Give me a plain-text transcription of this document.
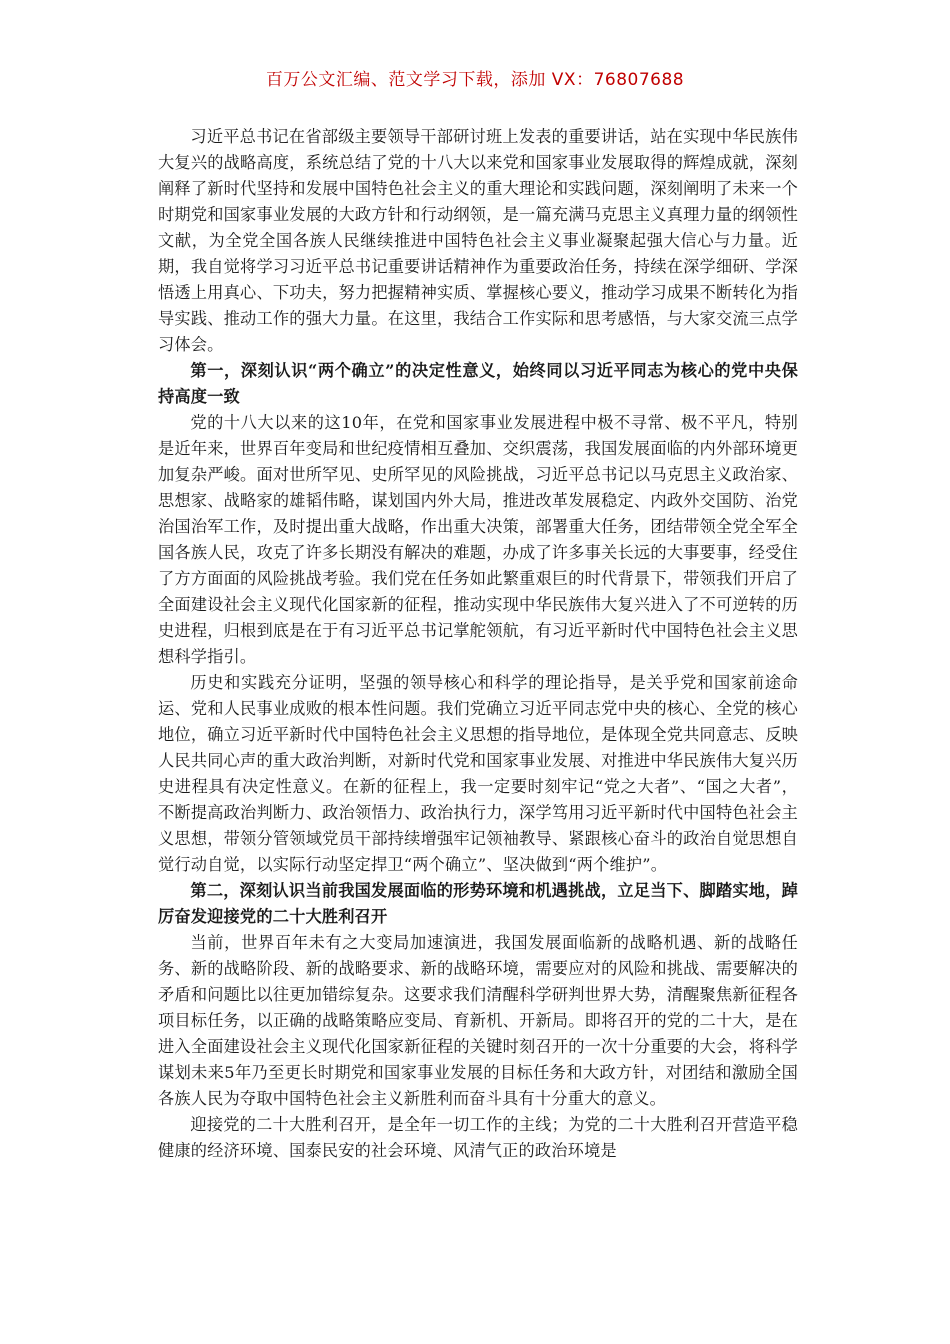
百万公文汇编、范文学习下载，添加 VX：76807688

习近平总书记在省部级主要领导干部研讨班上发表的重要讲话，站在实现中华民族伟大复兴的战略高度，系统总结了党的十八大以来党和国家事业发展取得的辉煌成就，深刻阐释了新时代坚持和发展中国特色社会主义的重大理论和实践问题，深刻阐明了未来一个时期党和国家事业发展的大政方针和行动纲领，是一篇充满马克思主义真理力量的纲领性文献，为全党全国各族人民继续推进中国特色社会主义事业凝聚起强大信心与力量。近期，我自觉将学习习近平总书记重要讲话精神作为重要政治任务，持续在深学细研、学深悟透上用真心、下功夫，努力把握精神实质、掌握核心要义，推动学习成果不断转化为指导实践、推动工作的强大力量。在这里，我结合工作实际和思考感悟，与大家交流三点学习体会。

第一，深刻认识“两个确立”的决定性意义，始终同以习近平同志为核心的党中央保持高度一致

党的十八大以来的这10年，在党和国家事业发展进程中极不寻常、极不平凡，特别是近年来，世界百年变局和世纪疫情相互叠加、交织震荡，我国发展面临的内外部环境更加复杂严峻。面对世所罕见、史所罕见的风险挑战，习近平总书记以马克思主义政治家、思想家、战略家的雄韬伟略，谋划国内外大局，推进改革发展稳定、内政外交国防、治党治国治军工作，及时提出重大战略，作出重大决策，部署重大任务，团结带领全党全军全国各族人民，攻克了许多长期没有解决的难题，办成了许多事关长远的大事要事，经受住了方方面面的风险挑战考验。我们党在任务如此繁重艰巨的时代背景下，带领我们开启了全面建设社会主义现代化国家新的征程，推动实现中华民族伟大复兴进入了不可逆转的历史进程，归根到底是在于有习近平总书记掌舵领航，有习近平新时代中国特色社会主义思想科学指引。

历史和实践充分证明，坚强的领导核心和科学的理论指导，是关乎党和国家前途命运、党和人民事业成败的根本性问题。我们党确立习近平同志党中央的核心、全党的核心地位，确立习近平新时代中国特色社会主义思想的指导地位，是体现全党共同意志、反映人民共同心声的重大政治判断，对新时代党和国家事业发展、对推进中华民族伟大复兴历史进程具有决定性意义。在新的征程上，我一定要时刻牢记“党之大者”、“国之大者”，不断提高政治判断力、政治领悟力、政治执行力，深学笃用习近平新时代中国特色社会主义思想，带领分管领域党员干部持续增强牢记领袖教导、紧跟核心奋斗的政治自觉思想自觉行动自觉，以实际行动坚定捍卫“两个确立”、坚决做到“两个维护”。

第二，深刻认识当前我国发展面临的形势环境和机遇挑战，立足当下、脚踏实地，踔厉奋发迎接党的二十大胜利召开

当前，世界百年未有之大变局加速演进，我国发展面临新的战略机遇、新的战略任务、新的战略阶段、新的战略要求、新的战略环境，需要应对的风险和挑战、需要解决的矛盾和问题比以往更加错综复杂。这要求我们清醒科学研判世界大势，清醒聚焦新征程各项目标任务，以正确的战略策略应变局、育新机、开新局。即将召开的党的二十大，是在进入全面建设社会主义现代化国家新征程的关键时刻召开的一次十分重要的大会，将科学谋划未来5年乃至更长时期党和国家事业发展的目标任务和大政方针，对团结和激励全国各族人民为夺取中国特色社会主义新胜利而奋斗具有十分重大的意义。

迎接党的二十大胜利召开，是全年一切工作的主线；为党的二十大胜利召开营造平稳健康的经济环境、国泰民安的社会环境、风清气正的政治环境是
